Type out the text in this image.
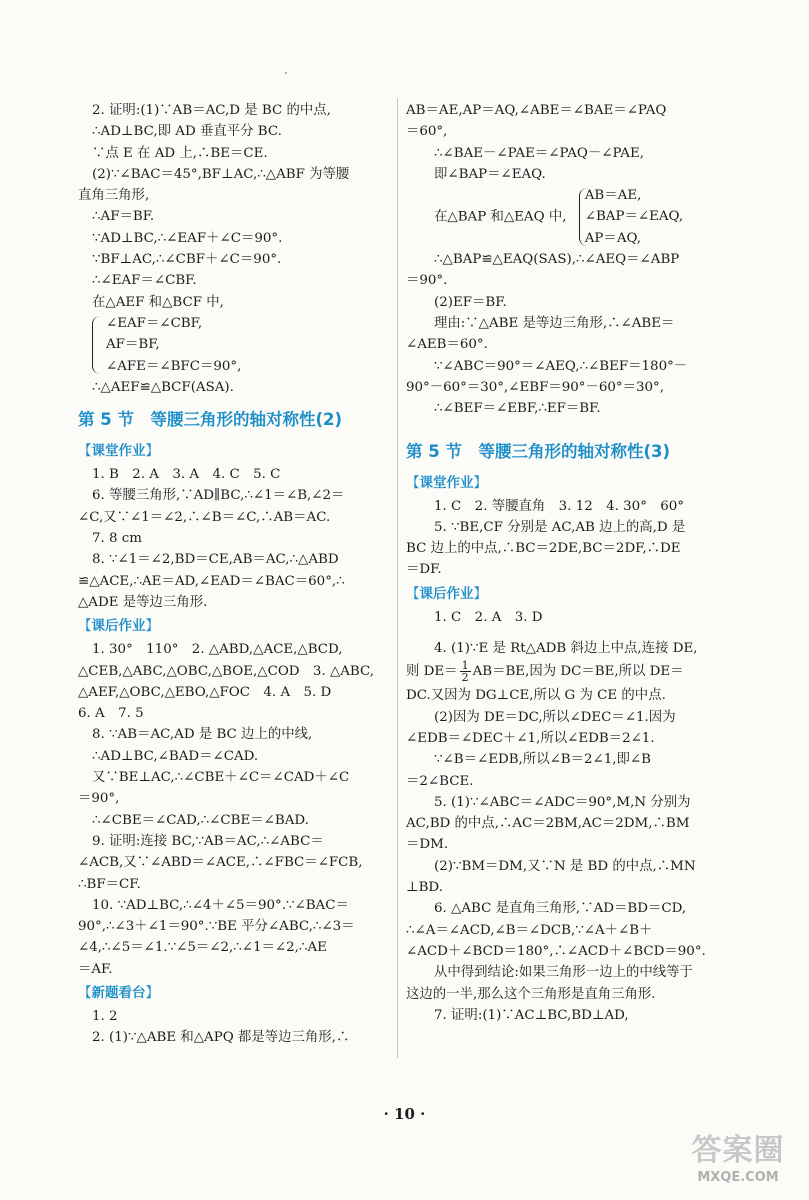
2. 证明:(1)∵AB＝AC,D 是 BC 的中点,
∴AD⊥BC,即 AD 垂直平分 BC.
∵点 E 在 AD 上,∴BE＝CE.
(2)∵∠BAC＝45°,BF⊥AC,∴△ABF 为等腰
直角三角形,
∴AF＝BF.
∵AD⊥BC,∴∠EAF＋∠C＝90°.
∵BF⊥AC,∴∠CBF＋∠C＝90°.
∴∠EAF＝∠CBF.
在△AEF 和△BCF 中,
∠EAF＝∠CBF,
AF＝BF,
∠AFE＝∠BFC＝90°,
∴△AEF≌△BCF(ASA).
第 5 节　等腰三角形的轴对称性(2)
【课堂作业】
1. B　2. A　3. A　4. C　5. C
6. 等腰三角形,∵AD∥BC,∴∠1＝∠B,∠2＝
∠C,又∵∠1＝∠2,∴∠B＝∠C,∴AB＝AC.
7. 8 cm
8. ∵∠1＝∠2,BD＝CE,AB＝AC,∴△ABD
≌△ACE,∴AE＝AD,∠EAD＝∠BAC＝60°,∴
△ADE 是等边三角形.
【课后作业】
1. 30°　110°　2. △ABD,△ACE,△BCD,
△CEB,△ABC,△OBC,△BOE,△COD　3. △ABC,
△AEF,△OBC,△EBO,△FOC　4. A　5. D
6. A　7. 5
8. ∵AB＝AC,AD 是 BC 边上的中线,
∴AD⊥BC,∠BAD＝∠CAD.
又∵BE⊥AC,∴∠CBE＋∠C＝∠CAD＋∠C
＝90°,
∴∠CBE＝∠CAD,∴∠CBE＝∠BAD.
9. 证明:连接 BC,∵AB＝AC,∴∠ABC＝
∠ACB,又∵∠ABD＝∠ACE,∴∠FBC＝∠FCB,
∴BF＝CF.
10. ∵AD⊥BC,∴∠4＋∠5＝90°.∵∠BAC＝
90°,∴∠3＋∠1＝90°.∵BE 平分∠ABC,∴∠3＝
∠4,∴∠5＝∠1.∵∠5＝∠2,∴∠1＝∠2,∴AE
＝AF.
【新题看台】
1. 2
2. (1)∵△ABE 和△APQ 都是等边三角形,∴
AB＝AE,AP＝AQ,∠ABE＝∠BAE＝∠PAQ
＝60°,
∴∠BAE－∠PAE＝∠PAQ－∠PAE,
即∠BAP＝∠EAQ.
在△BAP 和△EAQ 中,
AB＝AE,
∠BAP＝∠EAQ,
AP＝AQ,
∴△BAP≌△EAQ(SAS),∴∠AEQ＝∠ABP
＝90°.
(2)EF＝BF.
理由:∵△ABE 是等边三角形,∴∠ABE＝
∠AEB＝60°.
∵∠ABC＝90°＝∠AEQ,∴∠BEF＝180°－
90°－60°＝30°,∠EBF＝90°－60°＝30°,
∴∠BEF＝∠EBF,∴EF＝BF.
第 5 节　等腰三角形的轴对称性(3)
【课堂作业】
1. C　2. 等腰直角　3. 12　4. 30°　60°
5. ∵BE,CF 分别是 AC,AB 边上的高,D 是
BC 边上的中点,∴BC＝2DE,BC＝2DF,∴DE
＝DF.
【课后作业】
1. C　2. A　3. D
4. (1)∵E 是 Rt△ADB 斜边上中点,连接 DE,
则 $DE= \frac{1}{2} AB=BE$,因为 DC＝BE,所以 DE＝
DC.又因为 DG⊥CE,所以 G 为 CE 的中点.
(2)因为 DE＝DC,所以∠DEC＝∠1.因为
∠EDB＝∠DEC＋∠1,所以∠EDB＝2∠1.
∵∠B＝∠EDB,所以∠B＝2∠1,即∠B
＝2∠BCE.
5. (1)∵∠ABC＝∠ADC＝90°,M,N 分别为
AC,BD 的中点,∴AC＝2BM,AC＝2DM,∴BM
＝DM.
(2)∵BM＝DM,又∵N 是 BD 的中点,∴MN
⊥BD.
6. △ABC 是直角三角形,∵AD＝BD＝CD,
∴∠A＝∠ACD,∠B＝∠DCB,∵∠A＋∠B＋
∠ACD＋∠BCD＝180°,∴∠ACD＋∠BCD＝90°.
从中得到结论:如果三角形一边上的中线等于
这边的一半,那么这个三角形是直角三角形.
7. 证明:(1)∵AC⊥BC,BD⊥AD,
· 10 ·
答案圈
MXQE.COM
